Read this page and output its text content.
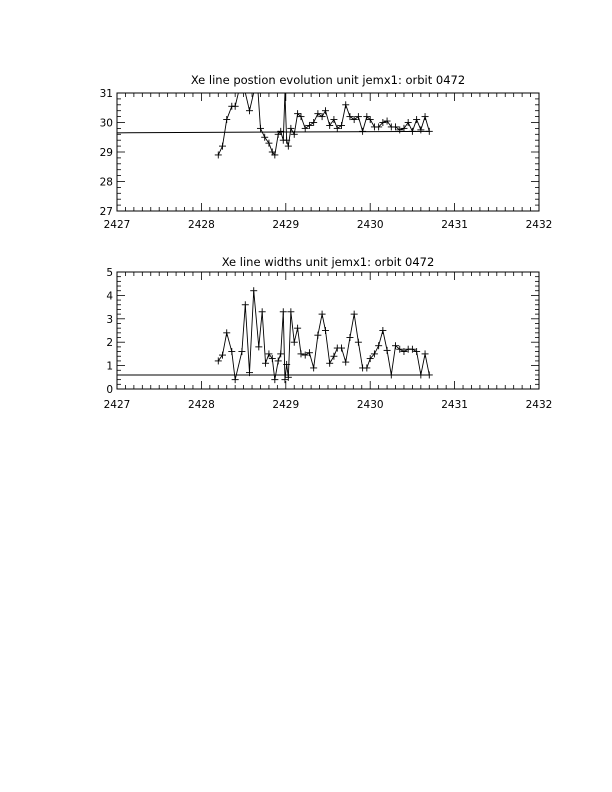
Xe line postion evolution unit jemx1: orbit 0472
2427	2428	2429	2430	2431	2432
27
28
29
30
31
Xe line widths unit jemx1: orbit 0472
2427	2428	2429	2430	2431	2432
0
1
2
3
4
5
